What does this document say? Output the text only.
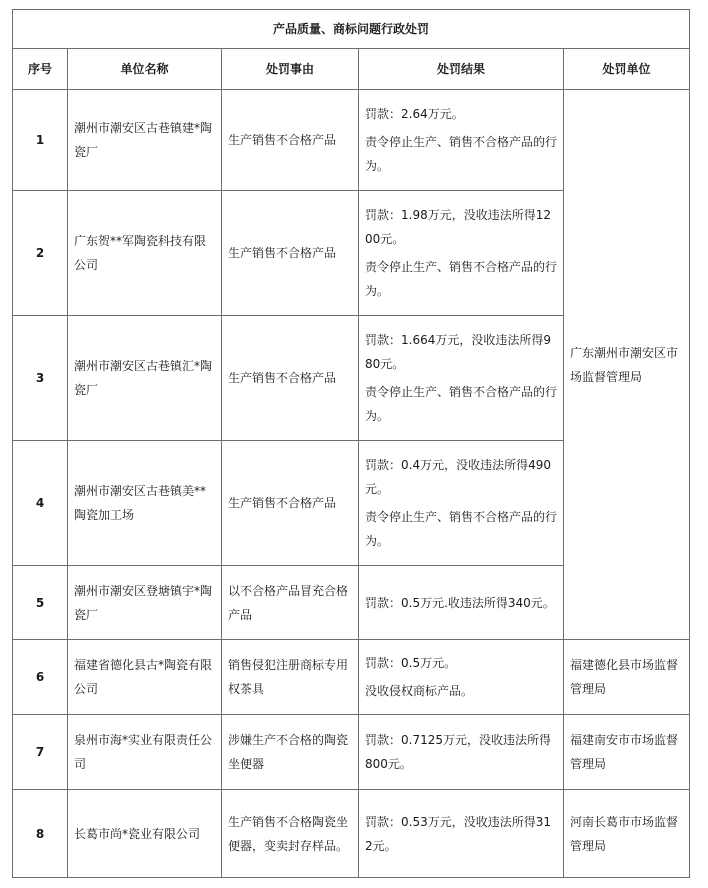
产品质量、商标问题行政处罚				
序号	单位名称	处罚事由	处罚结果	处罚单位
1	潮州市潮安区古巷镇建*陶瓷厂	生产销售不合格产品	罚款：2.64万元。
责令停止生产、销售不合格产品的行为。	广东潮州市潮安区市场监督管理局
2	广东贺**军陶瓷科技有限公司	生产销售不合格产品	罚款：1.98万元，没收违法所得1200元。
责令停止生产、销售不合格产品的行为。	

3	潮州市潮安区古巷镇汇*陶瓷厂	生产销售不合格产品	罚款：1.664万元，没收违法所得980元。
责令停止生产、销售不合格产品的行为。	

4	潮州市潮安区古巷镇美**陶瓷加工场	生产销售不合格产品	罚款：0.4万元，没收违法所得490元。
责令停止生产、销售不合格产品的行为。	

5	潮州市潮安区登塘镇宇*陶瓷厂	以不合格产品冒充合格产品	罚款：0.5万元.收违法所得340元。	

6	福建省德化县古*陶瓷有限公司	销售侵犯注册商标专用权茶具	罚款：0.5万元。
没收侵权商标产品。	福建德化县市场监督管理局
7	泉州市海*实业有限责任公司	涉嫌生产不合格的陶瓷坐便器	罚款：0.7125万元，没收违法所得800元。	福建南安市市场监督管理局
8	长葛市尚*瓷业有限公司	生产销售不合格陶瓷坐便器，变卖封存样品。	罚款：0.53万元，没收违法所得312元。	河南长葛市市场监督管理局
